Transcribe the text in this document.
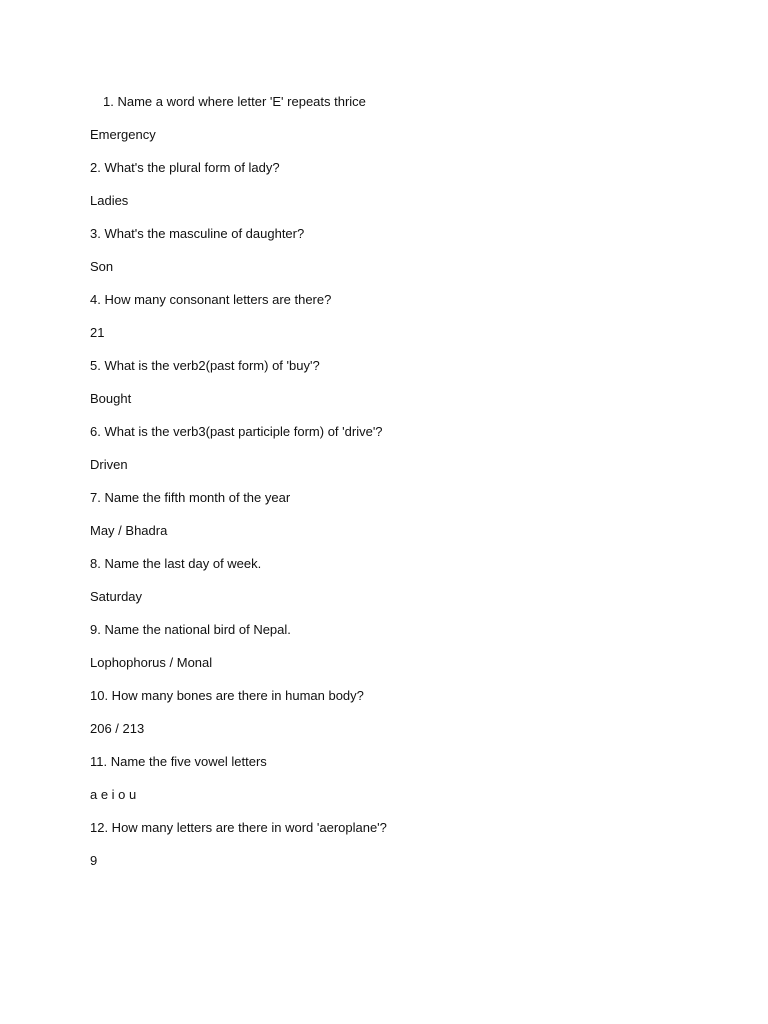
1. Name a word where letter 'E' repeats thrice
Emergency
2. What's the plural form of lady?
Ladies
3. What's the masculine of daughter?
Son
4. How many consonant letters are there?
21
5. What is the verb2(past form) of 'buy'?
Bought
6. What is the verb3(past participle form) of 'drive'?
Driven
7. Name the fifth month of the year
May / Bhadra
8. Name the last day of week.
Saturday
9. Name the national bird of Nepal.
Lophophorus / Monal
10. How many bones are there in human body?
206 / 213
11. Name the five vowel letters
a e i o u
12. How many letters are there in word 'aeroplane'?
9
